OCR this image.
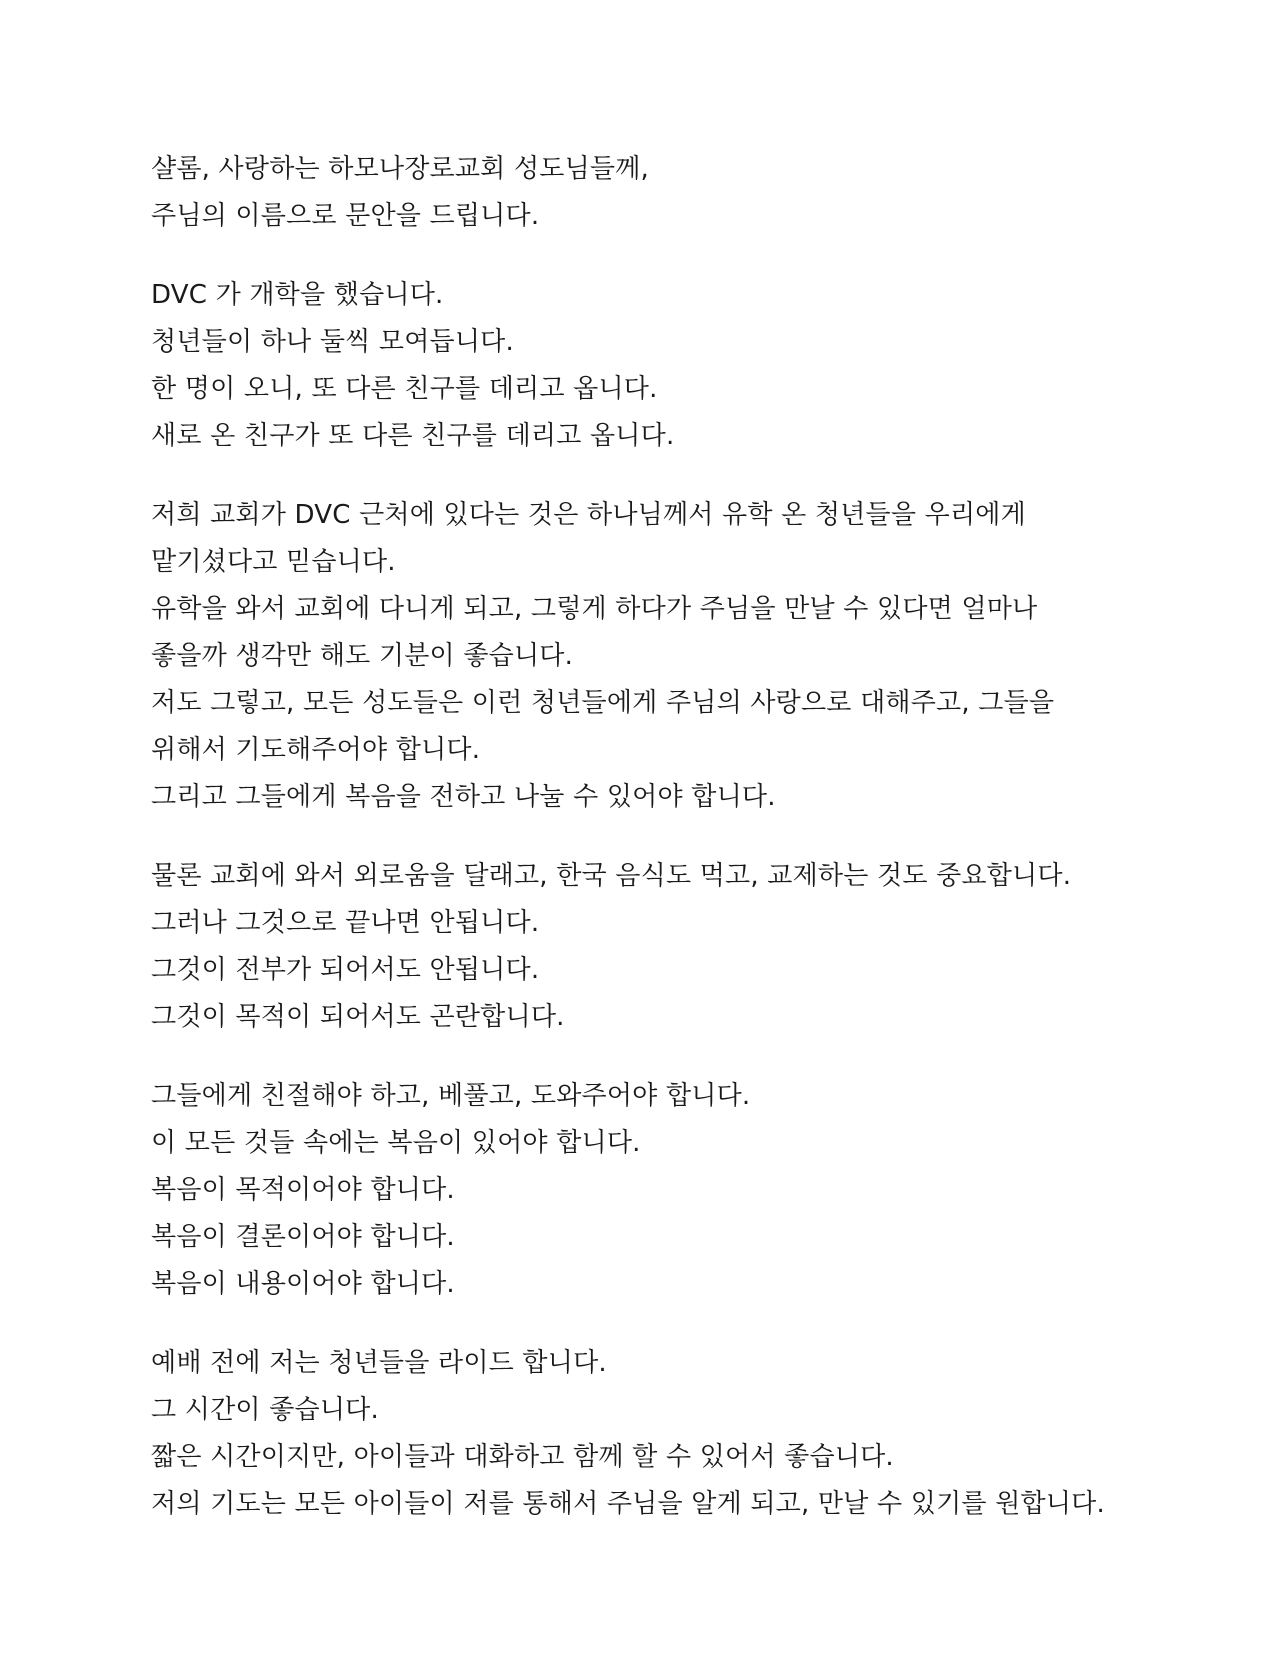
샬롬, 사랑하는 하모나장로교회 성도님들께,
주님의 이름으로 문안을 드립니다.
DVC 가 개학을 했습니다.
청년들이 하나 둘씩 모여듭니다.
한 명이 오니, 또 다른 친구를 데리고 옵니다.
새로 온 친구가 또 다른 친구를 데리고 옵니다.
저희 교회가 DVC 근처에 있다는 것은 하나님께서 유학 온 청년들을 우리에게
맡기셨다고 믿습니다.
유학을 와서 교회에 다니게 되고, 그렇게 하다가 주님을 만날 수 있다면 얼마나
좋을까 생각만 해도 기분이 좋습니다.
저도 그렇고, 모든 성도들은 이런 청년들에게 주님의 사랑으로 대해주고, 그들을
위해서 기도해주어야 합니다.
그리고 그들에게 복음을 전하고 나눌 수 있어야 합니다.
물론 교회에 와서 외로움을 달래고, 한국 음식도 먹고, 교제하는 것도 중요합니다.
그러나 그것으로 끝나면 안됩니다.
그것이 전부가 되어서도 안됩니다.
그것이 목적이 되어서도 곤란합니다.
그들에게 친절해야 하고, 베풀고, 도와주어야 합니다.
이 모든 것들 속에는 복음이 있어야 합니다.
복음이 목적이어야 합니다.
복음이 결론이어야 합니다.
복음이 내용이어야 합니다.
예배 전에 저는 청년들을 라이드 합니다.
그 시간이 좋습니다.
짧은 시간이지만, 아이들과 대화하고 함께 할 수 있어서 좋습니다.
저의 기도는 모든 아이들이 저를 통해서 주님을 알게 되고, 만날 수 있기를 원합니다.
